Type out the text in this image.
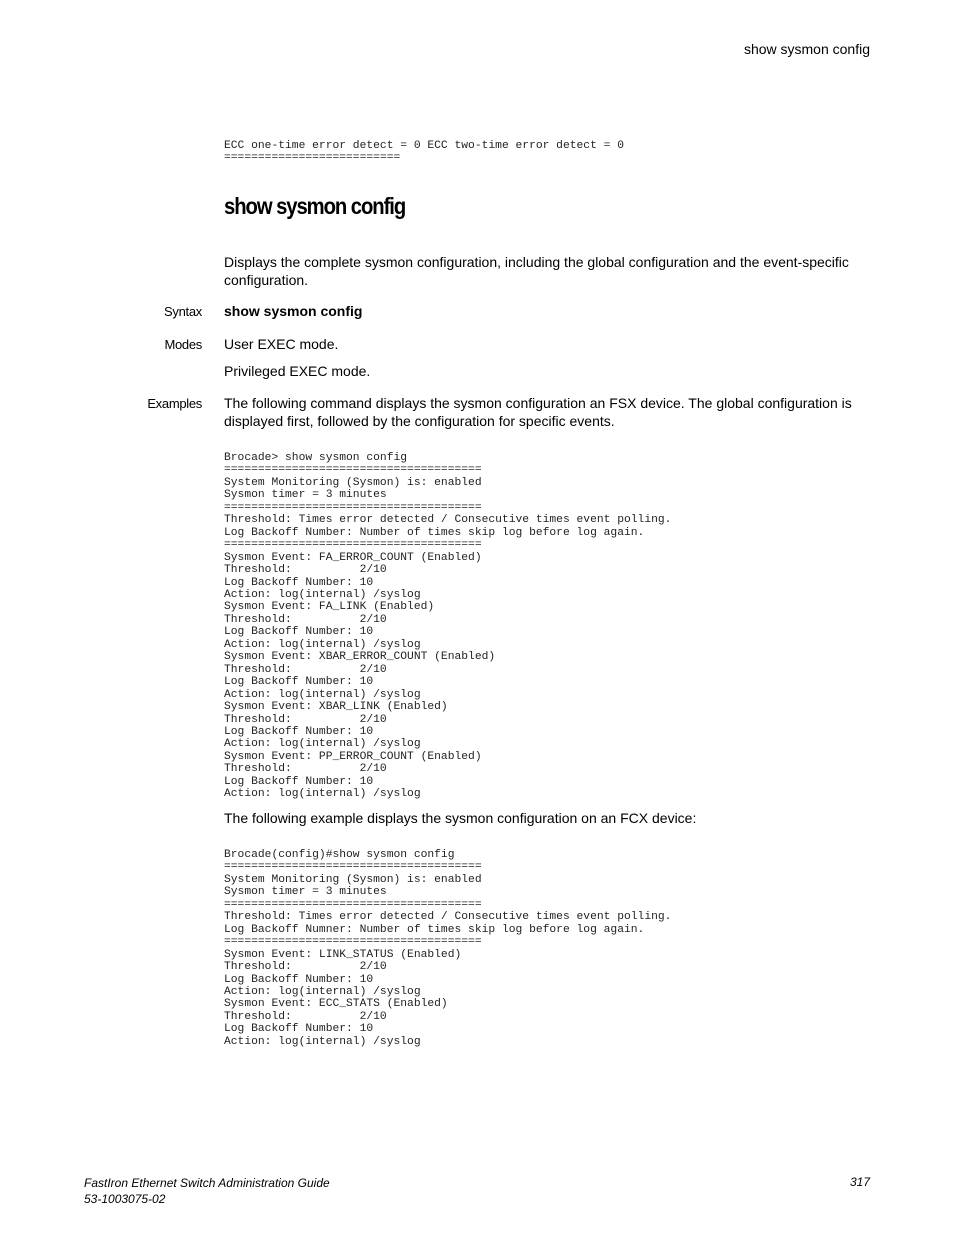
show sysmon config
ECC one-time error detect = 0 ECC two-time error detect = 0
==========================
show sysmon config

Displays the complete sysmon configuration, including the global configuration and the event-specific configuration.

Syntax show sysmon config

Modes User EXEC mode.

Privileged EXEC mode.

Examples The following command displays the sysmon configuration an FSX device. The global configuration is displayed first, followed by the configuration for specific events.

Brocade> show sysmon config
======================================
System Monitoring (Sysmon) is: enabled
Sysmon timer = 3 minutes
======================================
Threshold: Times error detected / Consecutive times event polling.
Log Backoff Number: Number of times skip log before log again.
======================================
Sysmon Event: FA_ERROR_COUNT (Enabled)
Threshold:          2/10
Log Backoff Number: 10
Action: log(internal) /syslog
Sysmon Event: FA_LINK (Enabled)
Threshold:          2/10
Log Backoff Number: 10
Action: log(internal) /syslog
Sysmon Event: XBAR_ERROR_COUNT (Enabled)
Threshold:          2/10
Log Backoff Number: 10
Action: log(internal) /syslog
Sysmon Event: XBAR_LINK (Enabled)
Threshold:          2/10
Log Backoff Number: 10
Action: log(internal) /syslog
Sysmon Event: PP_ERROR_COUNT (Enabled)
Threshold:          2/10
Log Backoff Number: 10
Action: log(internal) /syslog

The following example displays the sysmon configuration on an FCX device:

Brocade(config)#show sysmon config
======================================
System Monitoring (Sysmon) is: enabled
Sysmon timer = 3 minutes
======================================
Threshold: Times error detected / Consecutive times event polling.
Log Backoff Numner: Number of times skip log before log again.
======================================
Sysmon Event: LINK_STATUS (Enabled)
Threshold:          2/10
Log Backoff Number: 10
Action: log(internal) /syslog
Sysmon Event: ECC_STATS (Enabled)
Threshold:          2/10
Log Backoff Number: 10
Action: log(internal) /syslog
FastIron Ethernet Switch Administration Guide
53-1003075-02
317
